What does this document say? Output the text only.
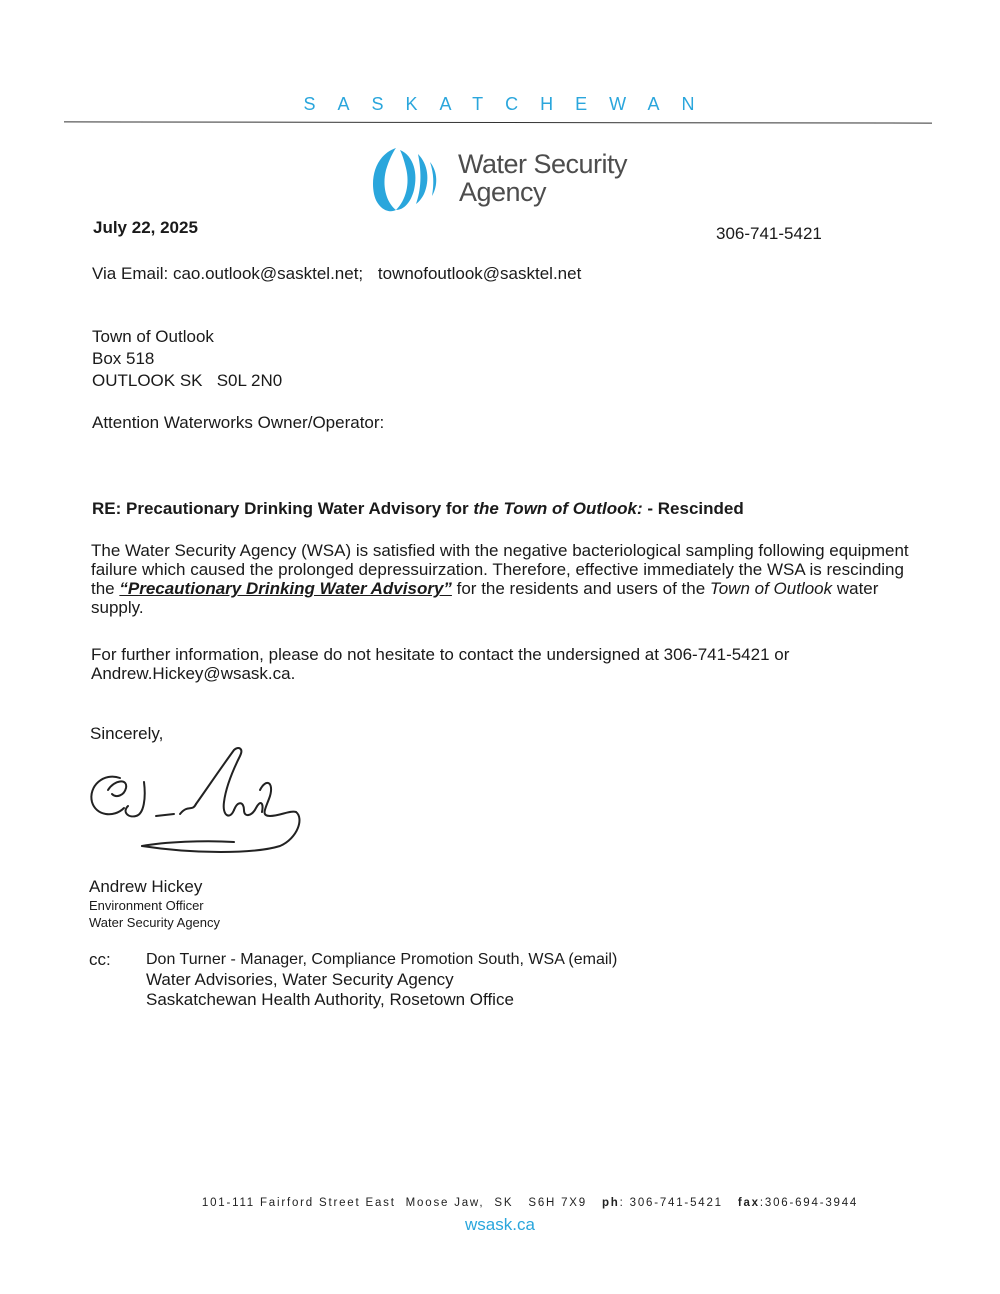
SASKATCHEWAN
Water Security
Agency
July 22, 2025	306-741-5421
Via Email: cao.outlook@sasktel.net; townofoutlook@sasktel.net
Town of Outlook
Box 518
OUTLOOK SK   S0L 2N0
Attention Waterworks Owner/Operator:
RE: Precautionary Drinking Water Advisory for the Town of Outlook: - Rescinded
The Water Security Agency (WSA) is satisfied with the negative bacteriological sampling following equipment failure which caused the prolonged depressuirzation. Therefore, effective immediately the WSA is rescinding the “Precautionary Drinking Water Advisory” for the residents and users of the Town of Outlook water supply.
For further information, please do not hesitate to contact the undersigned at 306-741-5421 or Andrew.Hickey@wsask.ca.
Sincerely,
Andrew Hickey
Environment Officer
Water Security Agency
cc: Don Turner - Manager, Compliance Promotion South, WSA (email)
Water Advisories, Water Security Agency
Saskatchewan Health Authority, Rosetown Office
101-111 Fairford Street East  Moose Jaw,  SK S6H 7X9 ph: 306-741-5421 fax:306-694-3944
wsask.ca
